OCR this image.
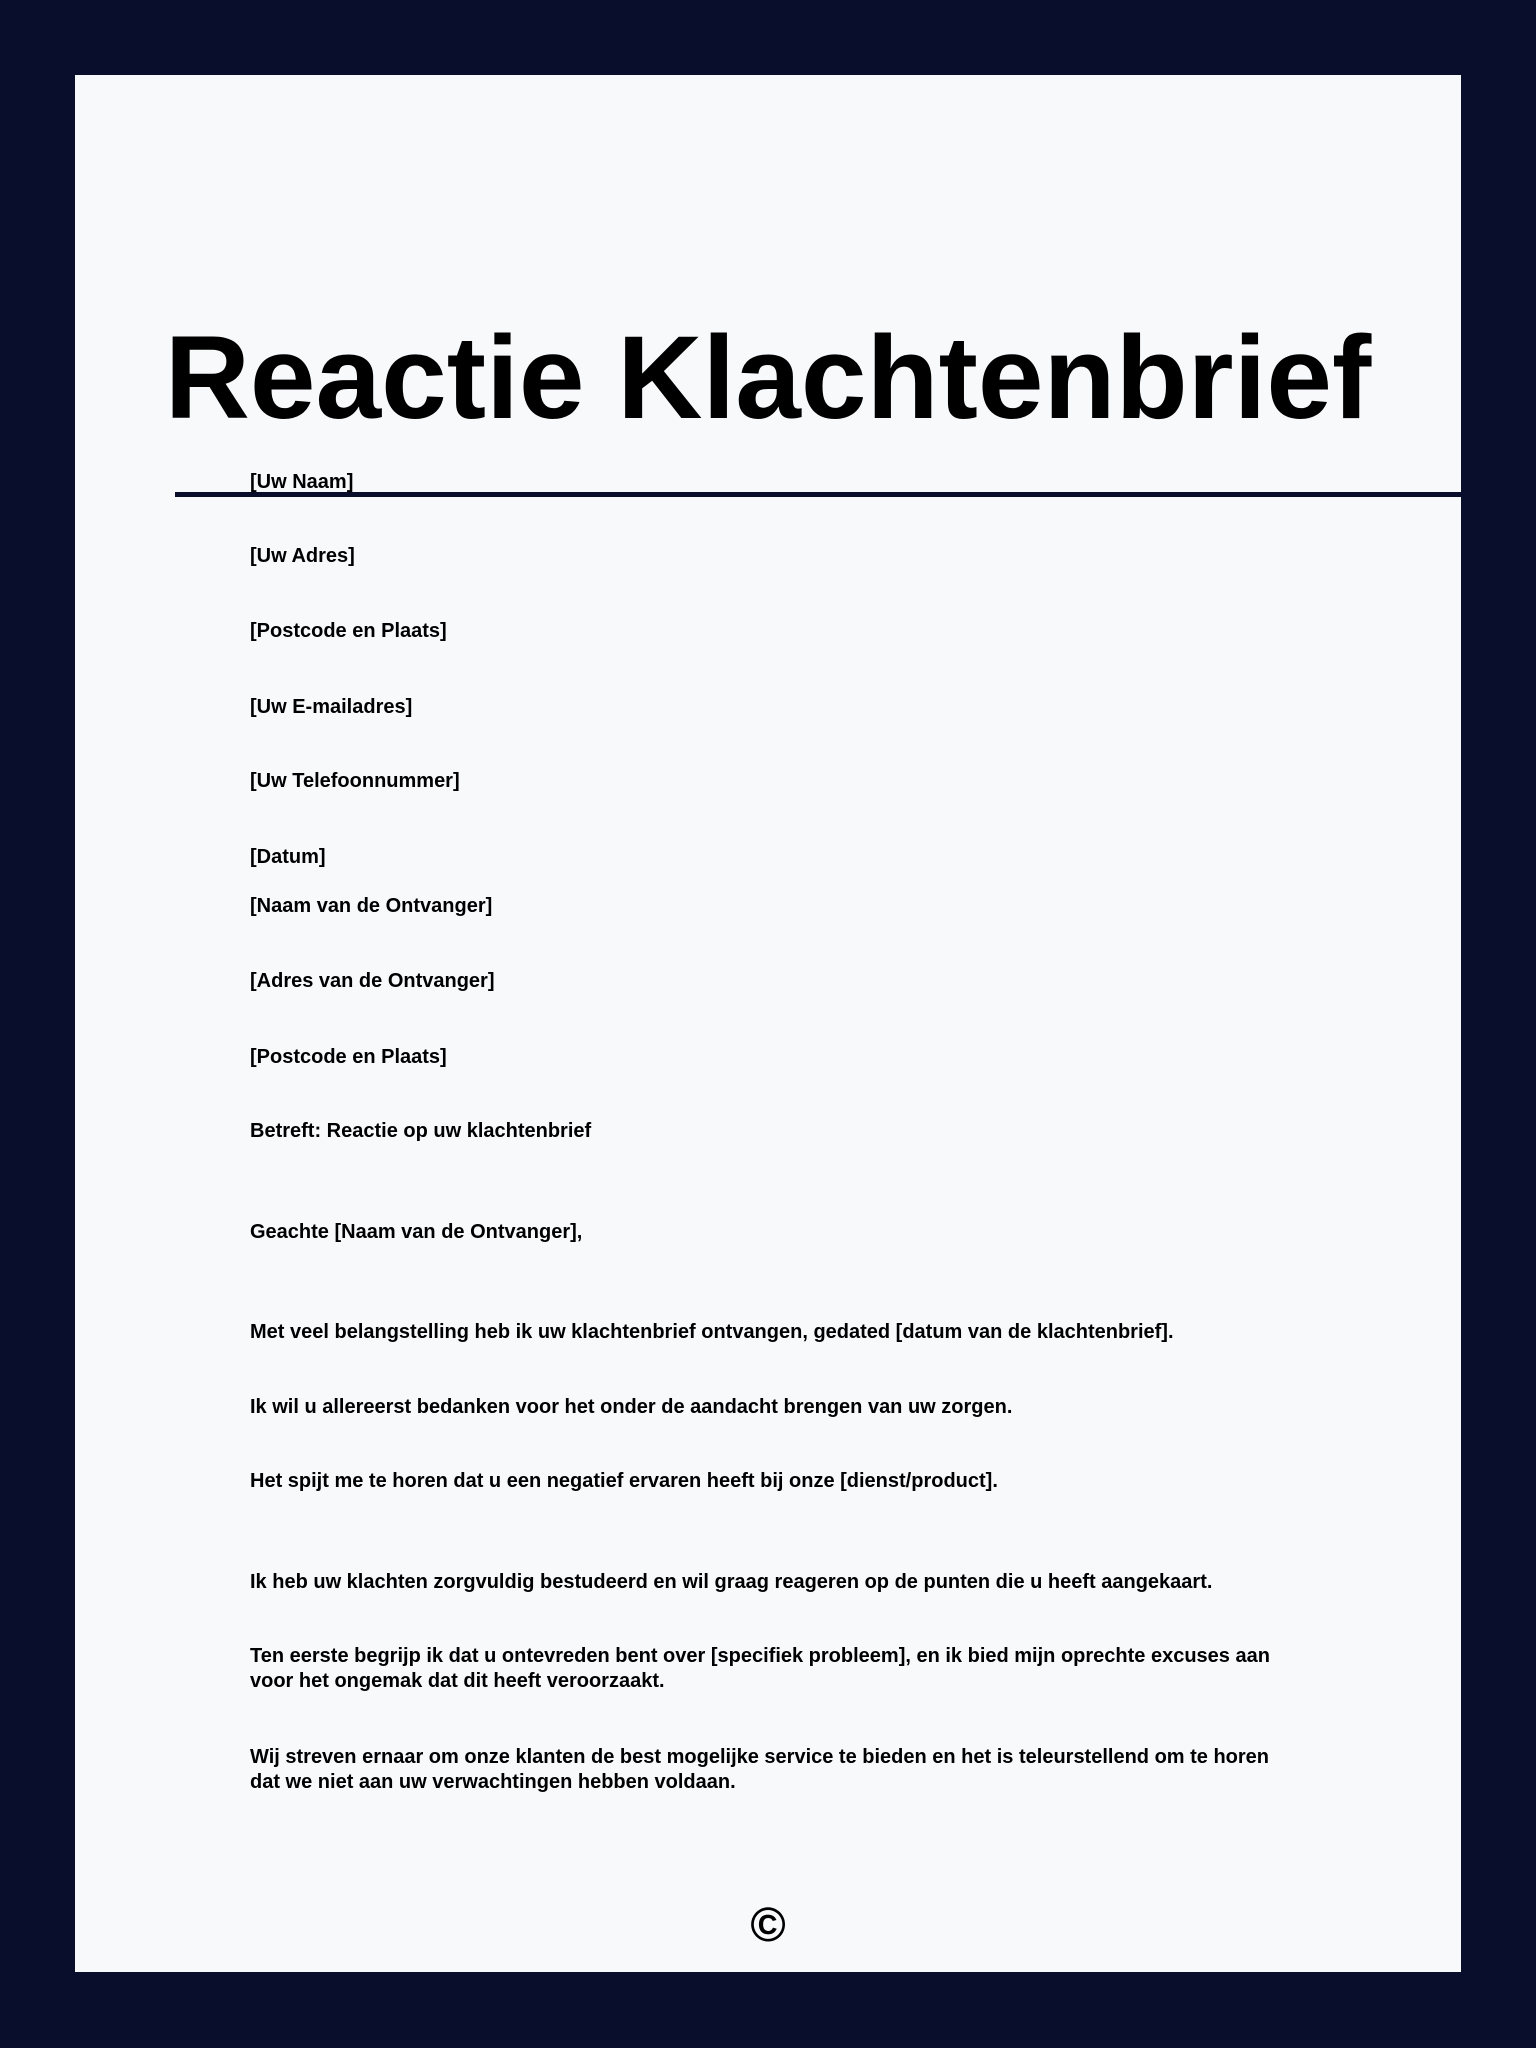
Reactie Klachtenbrief

[Uw Naam]

[Uw Adres]

[Postcode en Plaats]

[Uw E-mailadres]

[Uw Telefoonnummer]

[Datum]

[Naam van de Ontvanger]

[Adres van de Ontvanger]

[Postcode en Plaats]

Betreft: Reactie op uw klachtenbrief

Geachte [Naam van de Ontvanger],

Met veel belangstelling heb ik uw klachtenbrief ontvangen, gedated [datum van de klachtenbrief].

Ik wil u allereerst bedanken voor het onder de aandacht brengen van uw zorgen.

Het spijt me te horen dat u een negatief ervaren heeft bij onze [dienst/product].

Ik heb uw klachten zorgvuldig bestudeerd en wil graag reageren op de punten die u heeft aangekaart.

Ten eerste begrijp ik dat u ontevreden bent over [specifiek probleem], en ik bied mijn oprechte excuses aan voor het ongemak dat dit heeft veroorzaakt.

Wij streven ernaar om onze klanten de best mogelijke service te bieden en het is teleurstellend om te horen dat we niet aan uw verwachtingen hebben voldaan.

©
